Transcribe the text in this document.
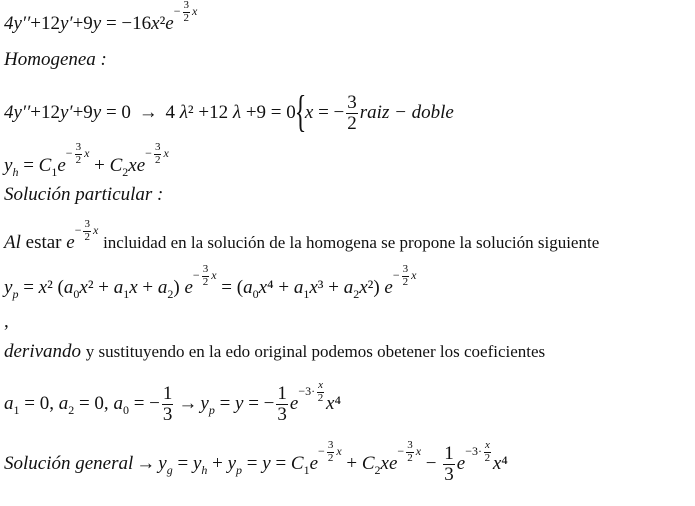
$4y''+12y'+9y = -16x^2e- \frac{3}{2}$ x
Homogenea :
4y′′+12y′+9y = 0 → 4 λ² +12 λ +9 = 0{x = − $\frac{3}{2}$ raiz − doble
$y_h = C_1e- \frac{3}{2}$ $x + C_2xe- \frac{3}{2}$ x
Solución particular :
Al estar $e- \frac{3}{2}$ x incluidad en la solución de la homogena se propone la solución siguiente
$y_p = x^2$ $(a_0x^2 + a_1x + a_2)$ $e- \frac{3}{2}$ $x = (a_0x^4 + a_1x^3 + a_2x^2)$ $e- \frac{3}{2}$ x
,
derivando y sustituyendo en la edo original podemos obetener los coeficientes
$a_1 = 0$, $a_2 = 0$, $a_0$ = − $\frac{1}{3} \to y_p = y$ = − $\frac{1}{3} e-3\cdot \frac{x}{2} x^4$
Solución general → $y_g = y_h + y_p = y = C_1e- \frac{3}{2}$ $x + C_2xe- \frac{3}{2}$ $x - \frac{1}{3} e-3\cdot \frac{x}{2} x^4$
